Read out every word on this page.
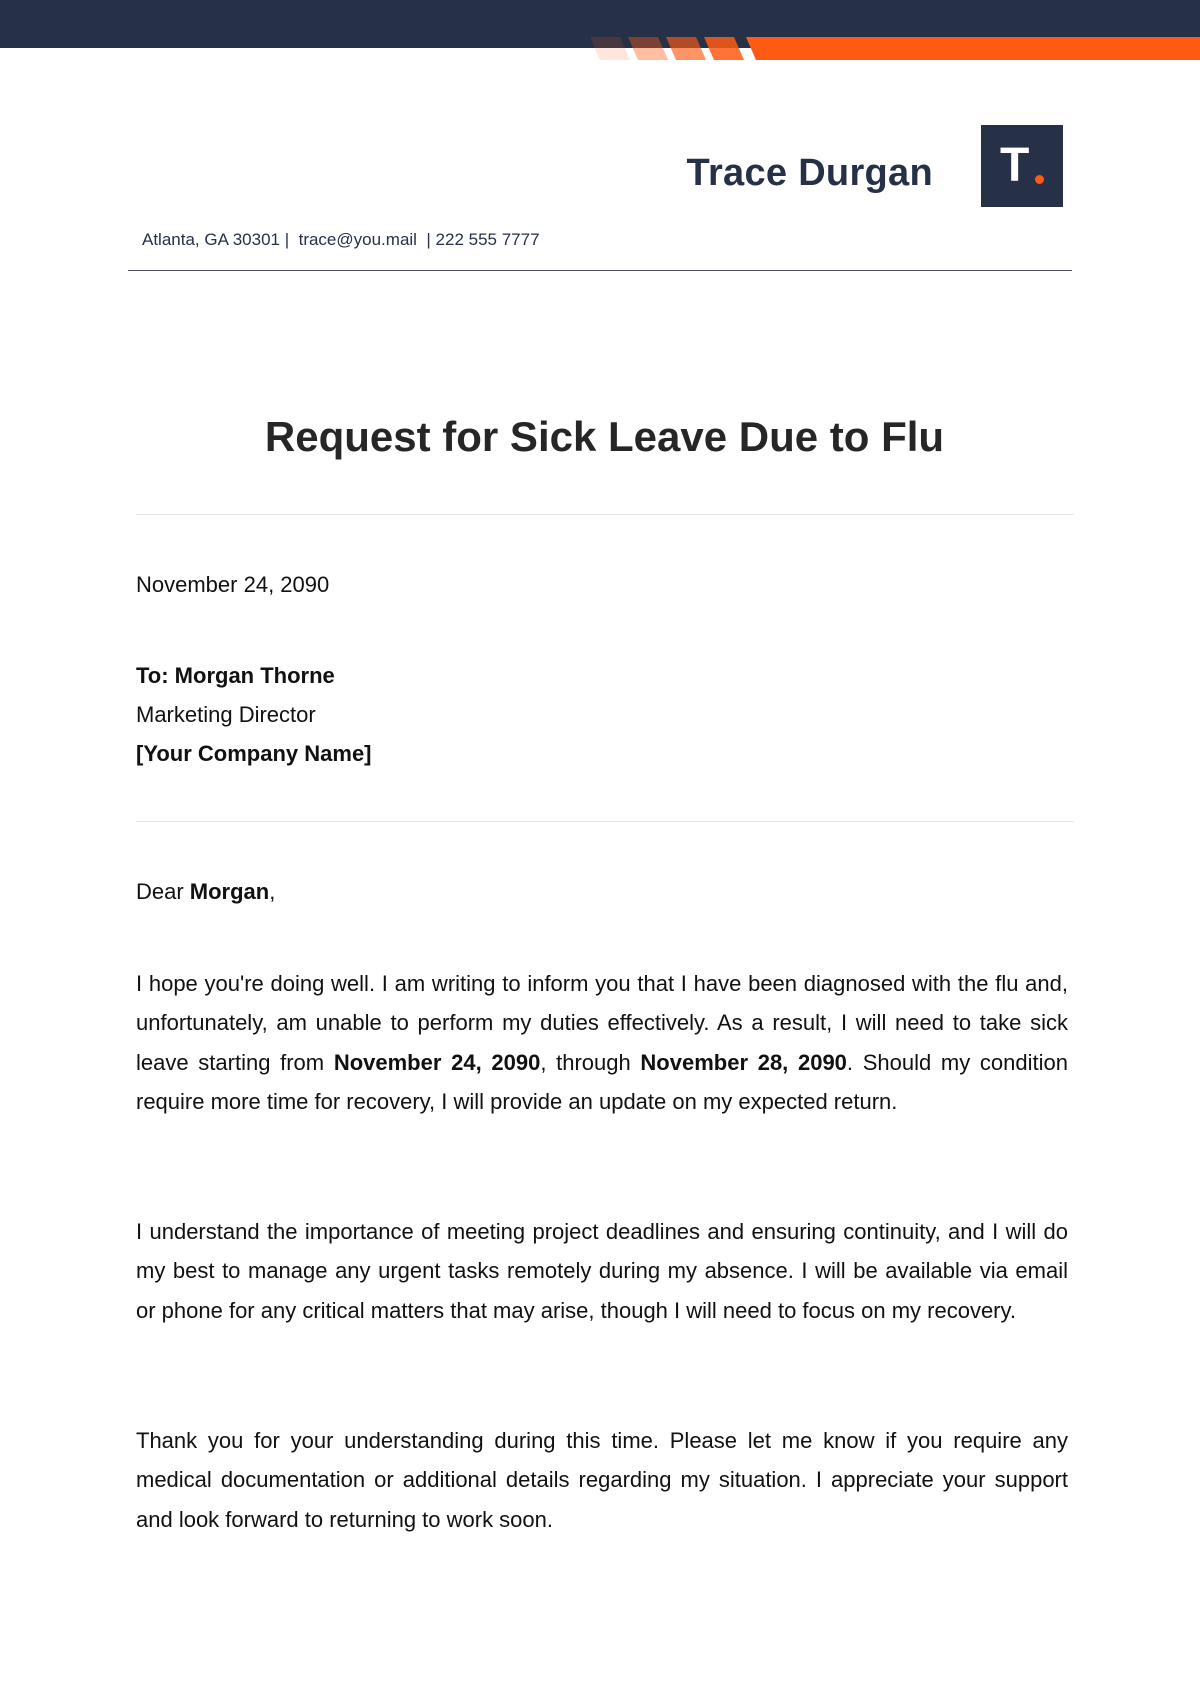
Trace Durgan	T
Atlanta, GA 30301 |  trace@you.mail  | 222 555 7777
Request for Sick Leave Due to Flu
November 24, 2090
To: Morgan Thorne
Marketing Director
[Your Company Name]
Dear Morgan,
I hope you're doing well. I am writing to inform you that I have been diagnosed with the flu and, unfortunately, am unable to perform my duties effectively. As a result, I will need to take sick leave starting from November 24, 2090, through November 28, 2090. Should my condition require more time for recovery, I will provide an update on my expected return.
I understand the importance of meeting project deadlines and ensuring continuity, and I will do my best to manage any urgent tasks remotely during my absence. I will be available via email or phone for any critical matters that may arise, though I will need to focus on my recovery.
Thank you for your understanding during this time. Please let me know if you require any medical documentation or additional details regarding my situation. I appreciate your support and look forward to returning to work soon.
